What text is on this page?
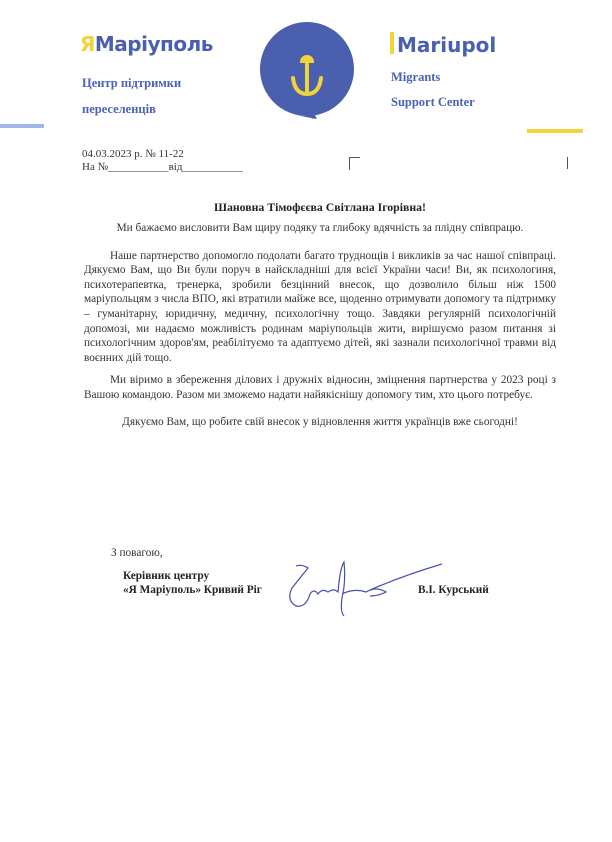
ЯМаріуполь
Центр підтримки
переселенців
Mariupol
Migrants
Support Center
04.03.2023 р. № 11-22
На №___________від___________
Шановна Тімофєєва Світлана Ігорівна!

Ми бажаємо висловити Вам щиру подяку та глибоку вдячність за плідну співпрацю.

Наше партнерство допомогло подолати багато труднощів і викликів за час нашої співпраці. Дякуємо Вам, що Ви були поруч в найскладніші для всієї України часи! Ви, як психологиня, психотерапевтка, тренерка, зробили безцінний внесок, що дозволило більш ніж 1500 маріупольцям з числа ВПО, які втратили майже все, щоденно отримувати допомогу та підтримку – гуманітарну, юридичну, медичну, психологічну тощо. Завдяки регулярній психологічній допомозі, ми надаємо можливість родинам маріупольців жити, вирішуємо разом питання зі психологічним здоров'ям, реабілітуємо та адаптуємо дітей, які зазнали психологічної травми від воєнних дій тощо.

Ми віримо в збереження ділових і дружніх відносин, зміцнення партнерства у 2023 році з Вашою командою. Разом ми зможемо надати найякіснішу допомогу тим, хто цього потребує.

Дякуємо Вам, що робите свій внесок у відновлення життя українців вже сьогодні!

З повагою,
Керівник центру
«Я Маріуполь» Кривий Ріг	В.І. Курський
